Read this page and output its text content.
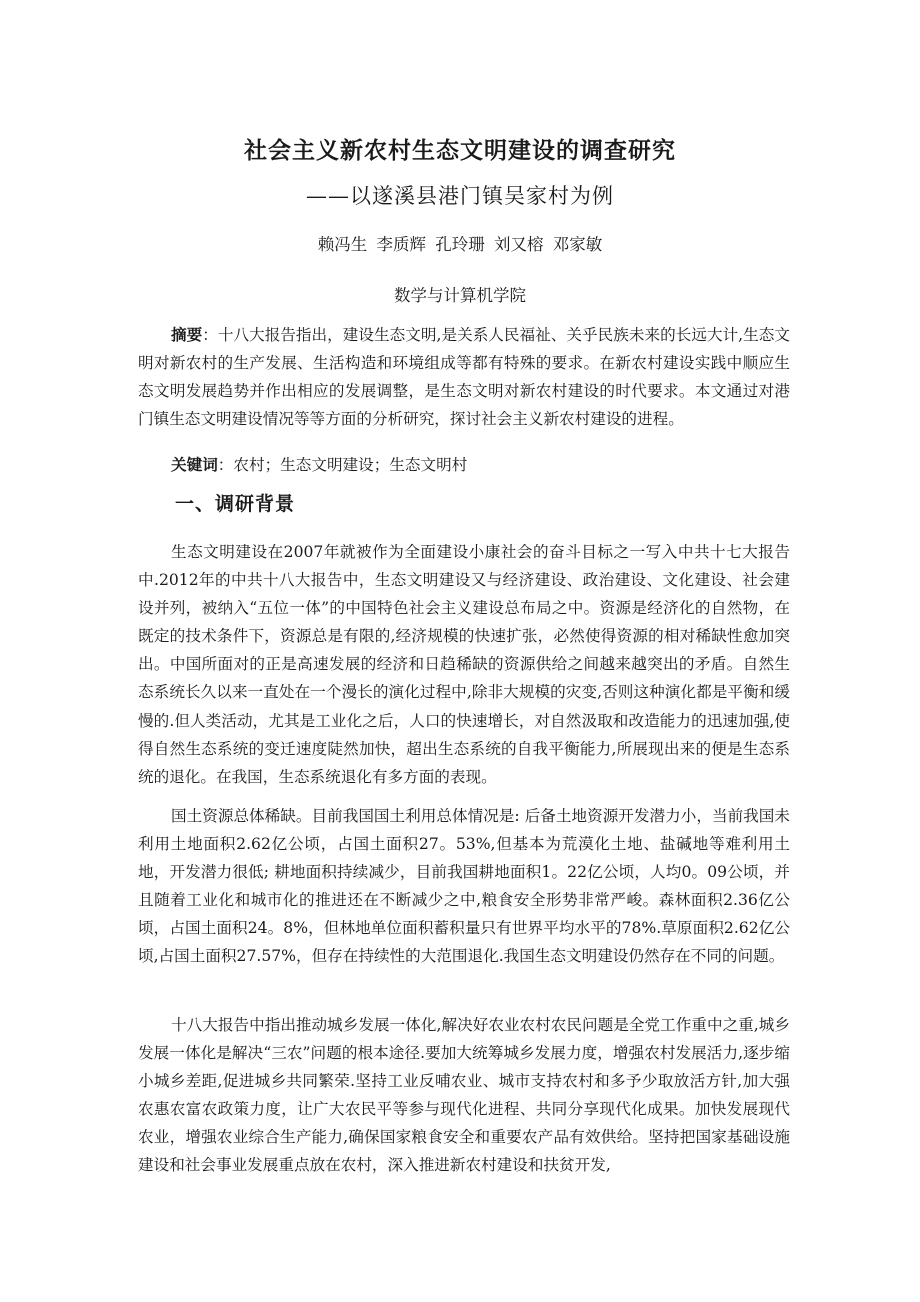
社会主义新农村生态文明建设的调查研究
——以遂溪县港门镇吴家村为例
赖冯生 李质辉 孔玲珊 刘又榕 邓家敏
数学与计算机学院
摘要：十八大报告指出，建设生态文明,是关系人民福祉、关乎民族未来的长远大计,生态文明对新农村的生产发展、生活构造和环境组成等都有特殊的要求。在新农村建设实践中顺应生态文明发展趋势并作出相应的发展调整，是生态文明对新农村建设的时代要求。本文通过对港门镇生态文明建设情况等等方面的分析研究，探讨社会主义新农村建设的进程。
关键词：农村；生态文明建设；生态文明村
一、调研背景

生态文明建设在2007年就被作为全面建设小康社会的奋斗目标之一写入中共十七大报告中.2012年的中共十八大报告中，生态文明建设又与经济建设、政治建设、文化建设、社会建设并列，被纳入“五位一体”的中国特色社会主义建设总布局之中。资源是经济化的自然物，在既定的技术条件下，资源总是有限的,经济规模的快速扩张，必然使得资源的相对稀缺性愈加突出。中国所面对的正是高速发展的经济和日趋稀缺的资源供给之间越来越突出的矛盾。自然生态系统长久以来一直处在一个漫长的演化过程中,除非大规模的灾变,否则这种演化都是平衡和缓慢的.但人类活动，尤其是工业化之后，人口的快速增长，对自然汲取和改造能力的迅速加强,使得自然生态系统的变迁速度陡然加快，超出生态系统的自我平衡能力,所展现出来的便是生态系统的退化。在我国，生态系统退化有多方面的表现。

国土资源总体稀缺。目前我国国土利用总体情况是: 后备土地资源开发潜力小，当前我国未利用土地面积2.62亿公顷，占国土面积27。53%,但基本为荒漠化土地、盐碱地等难利用土地，开发潜力很低; 耕地面积持续减少，目前我国耕地面积1。22亿公顷，人均0。09公顷，并且随着工业化和城市化的推进还在不断减少之中,粮食安全形势非常严峻。森林面积2.36亿公顷，占国土面积24。8%，但林地单位面积蓄积量只有世界平均水平的78%.草原面积2.62亿公顷,占国土面积27.57%，但存在持续性的大范围退化.我国生态文明建设仍然存在不同的问题。

十八大报告中指出推动城乡发展一体化,解决好农业农村农民问题是全党工作重中之重,城乡发展一体化是解决“三农”问题的根本途径.要加大统筹城乡发展力度，增强农村发展活力,逐步缩小城乡差距,促进城乡共同繁荣.坚持工业反哺农业、城市支持农村和多予少取放活方针,加大强农惠农富农政策力度，让广大农民平等参与现代化进程、共同分享现代化成果。加快发展现代农业，增强农业综合生产能力,确保国家粮食安全和重要农产品有效供给。坚持把国家基础设施建设和社会事业发展重点放在农村，深入推进新农村建设和扶贫开发,
